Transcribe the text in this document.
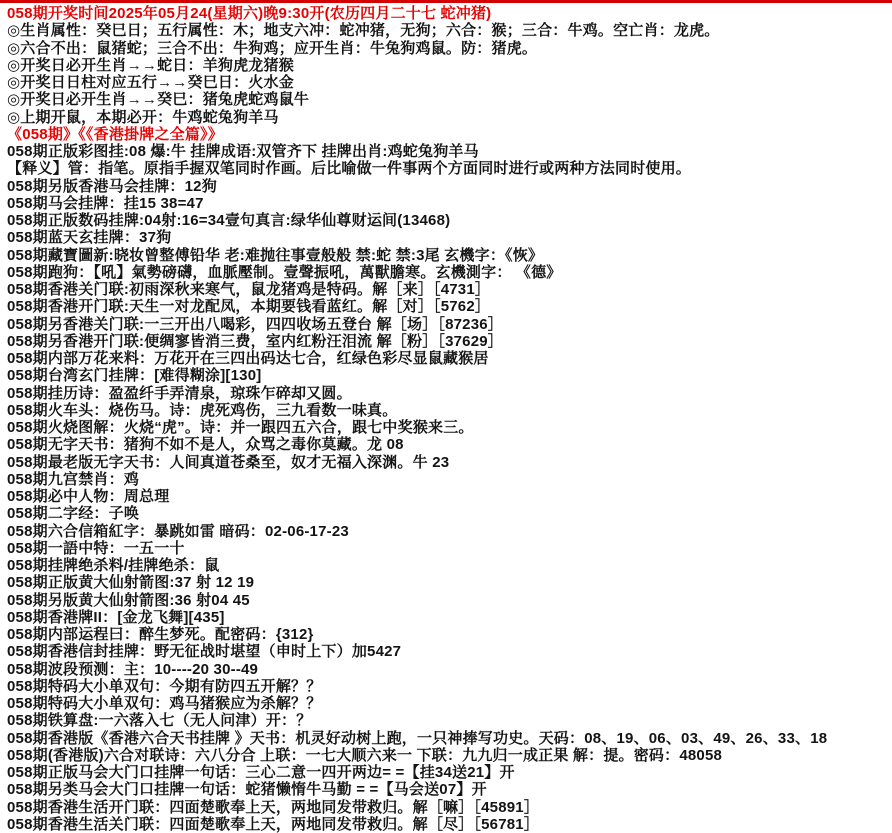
058期开奖时间2025年05月24(星期六)晚9:30开(农历四月二十七 蛇冲猪)
◎生肖属性：癸巳日；五行属性：木；地支六冲：蛇冲猪，无狗；六合：猴；三合：牛鸡。空亡肖：龙虎。
◎六合不出：鼠猪蛇；三合不出：牛狗鸡；应开生肖：牛兔狗鸡鼠。防：猪虎。
◎开奖日必开生肖→→蛇日：羊狗虎龙猪猴
◎开奖日日柱对应五行→→癸巳日：火水金
◎开奖日必开生肖→→癸巳：猪兔虎蛇鸡鼠牛
◎上期开鼠，本期必开：牛鸡蛇兔狗羊马
《058期》《《香港掛牌之全篇》》
058期正版彩图挂:08 爆:牛 挂牌成语:双管齐下 挂牌出肖:鸡蛇兔狗羊马
【释义】管：指笔。原指手握双笔同时作画。后比喻做一件事两个方面同时进行或两种方法同时使用。
058期另版香港马会挂牌：12狗
058期马会挂牌：挂15 38=47
058期正版数码挂牌:04射:16=34壹句真言:绿华仙尊财运间(13468)
058期蓝天玄挂牌：37狗
058期藏寶圖新:晓妆曾整傅铅华 老:难抛往事壹般般 禁:蛇 禁:3尾 玄機字：《恢》
058期跑狗：【吼】氣勢磅礴，血脈壓制。壹聲振吼，萬獸膽寒。玄機測字： 《德》
058期香港关门联:初雨深秋来寒气，鼠龙猪鸡是特码。解［来］［4731］
058期香港开门联:天生一对龙配凤，本期要钱看蓝红。解［对］［5762］
058期另香港关门联:一三开出八喝彩，四四收场五登台 解［场］［87236］
058期另香港开门联:便绸寥皆消三费，室内红粉汪泪流 解［粉］［37629］
058期内部万花来料：万花开在三四出码达七合，红绿色彩尽显鼠藏猴居
058期台湾玄门挂牌：[难得糊涂][130]
058期挂历诗：盈盈纤手弄清泉，琼珠乍碎却又圆。
058期火车头：烧伤马。诗：虎死鸡伤，三九看数一味真。
058期火烧图解：火烧“虎”。诗：并一跟四五六合，跟七中奖猴来三。
058期无字天书：猪狗不如不是人，众骂之毒你莫藏。龙 08
058期最老版无字天书：人间真道苍桑至，奴才无福入深渊。牛 23
058期九宫禁肖：鸡
058期必中人物：周总理
058期二字经：子唤
058期六合信箱紅字：暴跳如雷 暗码：02-06-17-23
058期一語中特：一五一十
058期挂牌绝杀料/挂牌绝杀：鼠
058期正版黄大仙射箭图:37 射 12 19
058期另版黄大仙射箭图:36 射04 45
058期香港牌II：[金龙飞舞][435]
058期内部运程曰：醉生梦死。配密码：{312}
058期香港信封挂牌：野无征战时堪望（申时上下）加5427
058期波段预测：主：10----20 30--49
058期特码大小单双句：今期有防四五开解？？
058期特码大小单双句：鸡马猪猴应为杀解？？
058期铁算盘:一六落入七（无人问津）开：？
058期香港版《香港六合天书挂牌 》天书：机灵好动树上跑，一只神捧写功史。天码：08、19、06、03、49、26、33、18
058期(香港版)六合对联诗：六八分合 上联：一七大顺六来一 下联：九九归一成正果 解：提。密码：48058
058期正版马会大门口挂牌一句话：三心二意一四开两边= =【挂34送21】开
058期另类马会大门口挂牌一句话：蛇猪懒惰牛马勤 = =【马会送07】开
058期香港生活开门联：四面楚歌奉上天，两地同发带救归。解［嘛］［45891］
058期香港生活关门联：四面楚歌奉上天，两地同发带救归。解［尽］［56781］
